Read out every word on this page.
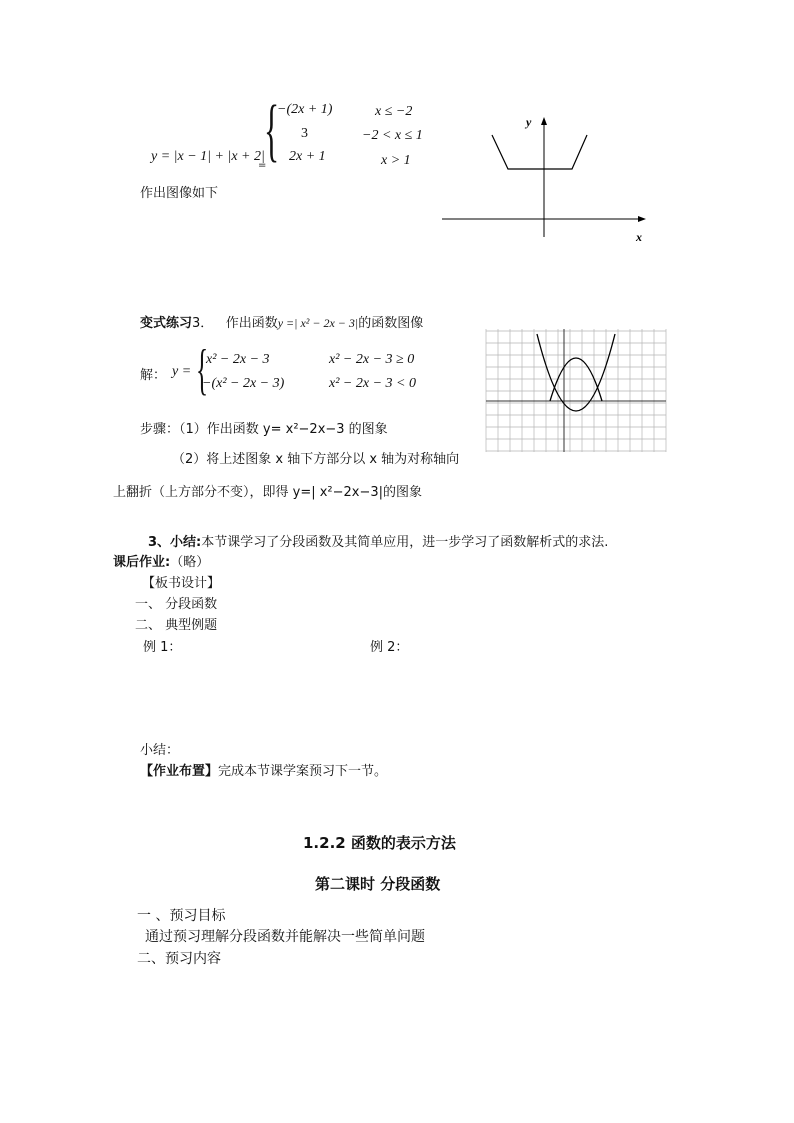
y = |x − 1| + |x + 2|
=
{
−(2x + 1)	x ≤ −2
3	−2 < x ≤ 1
2x + 1	x > 1
作出图像如下
x
y
变式练习3． 作出函数y =| x² − 2x − 3|的函数图像
解： y = {
x² − 2x − 3	x² − 2x − 3 ≥ 0
−(x² − 2x − 3)	x² − 2x − 3 < 0
步骤：（1）作出函数 y= x²−2x−3 的图象
（2）将上述图象 x 轴下方部分以 x 轴为对称轴向
上翻折（上方部分不变），即得 y=| x²−2x−3|的图象
3、小结:本节课学习了分段函数及其简单应用，进一步学习了函数解析式的求法.
课后作业:（略）
【板书设计】
一、 分段函数
二、 典型例题
例 1：	例 2：
小结：
【作业布置】完成本节课学案预习下一节。
1.2.2 函数的表示方法
第二课时 分段函数
一 、预习目标
通过预习理解分段函数并能解决一些简单问题
二、预习内容
